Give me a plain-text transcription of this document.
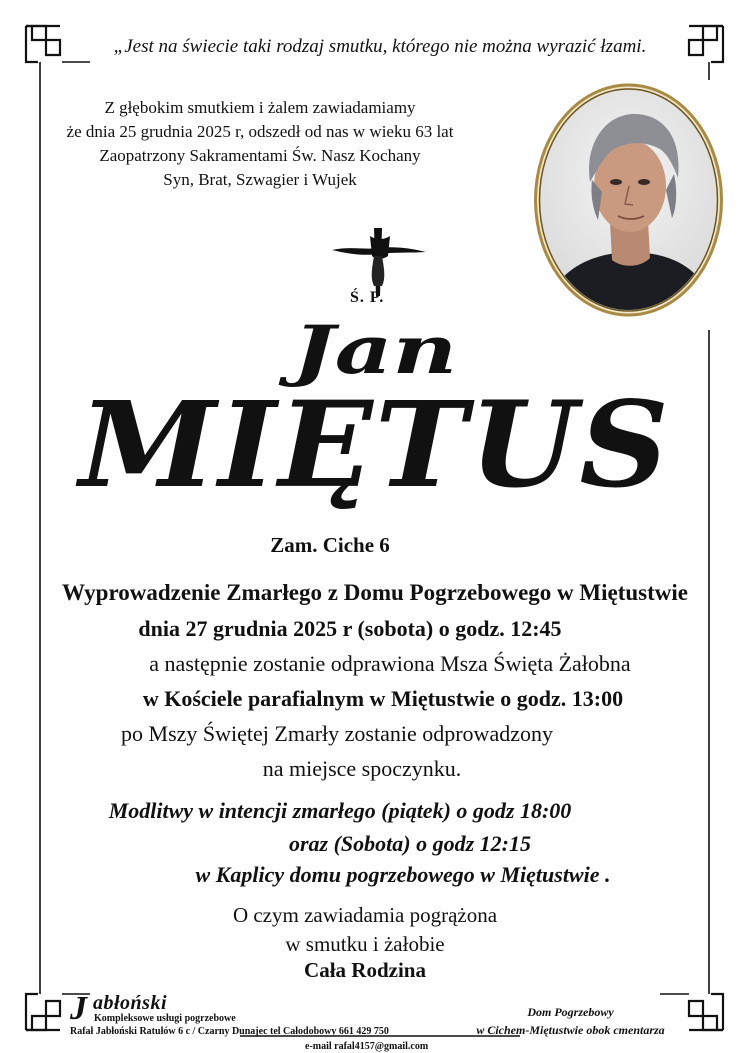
„Jest na świecie taki rodzaj smutku, którego nie można wyrazić łzami.
Z głębokim smutkiem i żalem zawiadamiamy
że dnia 25 grudnia 2025 r, odszedł od nas w wieku 63 lat
Zaopatrzony Sakramentami Św. Nasz Kochany
Syn, Brat, Szwagier i Wujek
Ś. P.
Jan
MIĘTUS
Zam. Ciche 6
Wyprowadzenie Zmarłego z Domu Pogrzebowego w Miętustwie
dnia 27 grudnia 2025 r (sobota) o godz. 12:45
a następnie zostanie odprawiona Msza Święta Żałobna
w Kościele parafialnym w Miętustwie o godz. 13:00
po Mszy Świętej Zmarły zostanie odprowadzony
na miejsce spoczynku.
Modlitwy w intencji zmarłego (piątek) o godz 18:00
oraz (Sobota) o godz 12:15
w Kaplicy domu pogrzebowego w Miętustwie .
O czym zawiadamia pogrążona
w smutku i żałobie
Cała Rodzina
J abłoński
Kompleksowe usługi pogrzebowe
Rafał Jabłoński Ratułów 6 c / Czarny Dunajec tel Całodobowy 661 429 750
e-mail rafal4157@gmail.com
Dom Pogrzebowy
w Cichem-Miętustwie obok cmentarza
